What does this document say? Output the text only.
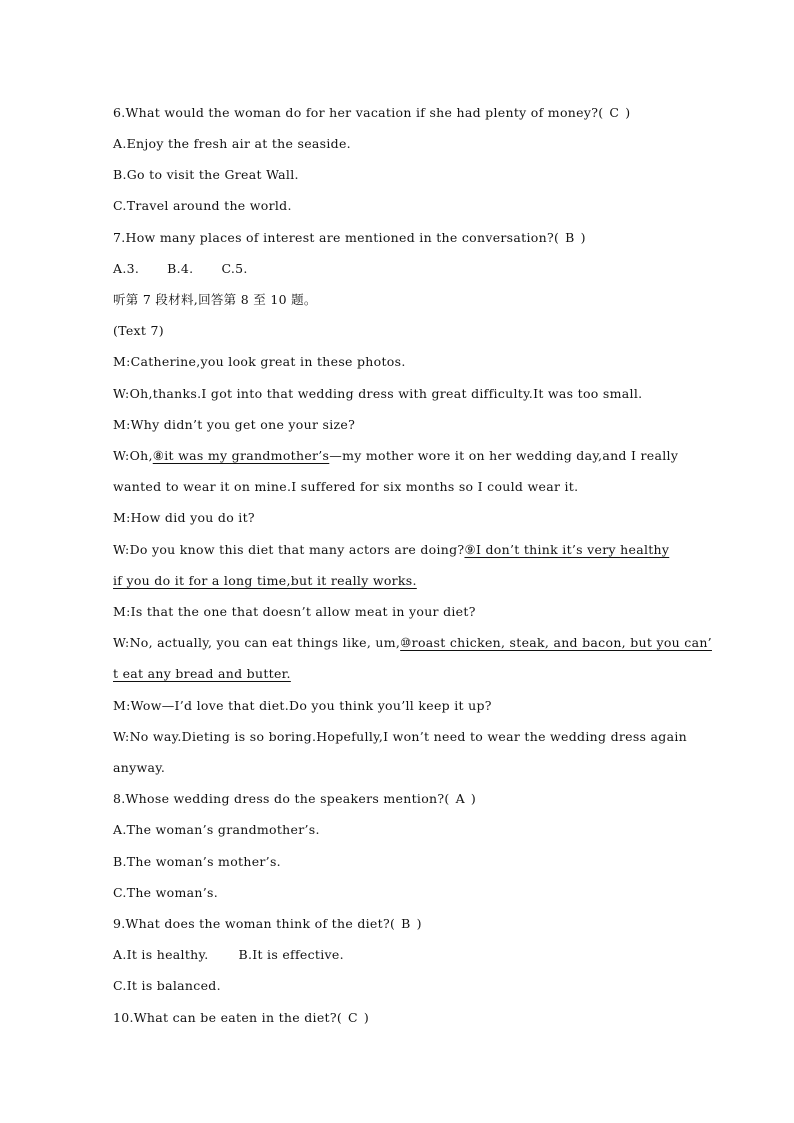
6.What would the woman do for her vacation if she had plenty of money?( C )
A.Enjoy the fresh air at the seaside.
B.Go to visit the Great Wall.
C.Travel around the world.
7.How many places of interest are mentioned in the conversation?( B )
A.3. B.4. C.5.
听第 7 段材料,回答第 8 至 10 题。
(Text 7)
M:Catherine,you look great in these photos.
W:Oh,thanks.I got into that wedding dress with great difficulty.It was too small.
M:Why didn’t you get one your size?
W:Oh,⑧it was my grandmother’s—my mother wore it on her wedding day,and I really
wanted to wear it on mine.I suffered for six months so I could wear it.
M:How did you do it?
W:Do you know this diet that many actors are doing?⑨I don’t think it’s very healthy
if you do it for a long time,but it really works.
M:Is that the one that doesn’t allow meat in your diet?
W:No, actually, you can eat things like, um,⑩roast chicken, steak, and bacon, but you can’
t eat any bread and butter.
M:Wow—I’d love that diet.Do you think you’ll keep it up?
W:No way.Dieting is so boring.Hopefully,I won’t need to wear the wedding dress again
anyway.
8.Whose wedding dress do the speakers mention?( A )
A.The woman’s grandmother’s.
B.The woman’s mother’s.
C.The woman’s.
9.What does the woman think of the diet?( B )
A.It is healthy. B.It is effective.
C.It is balanced.
10.What can be eaten in the diet?( C )
